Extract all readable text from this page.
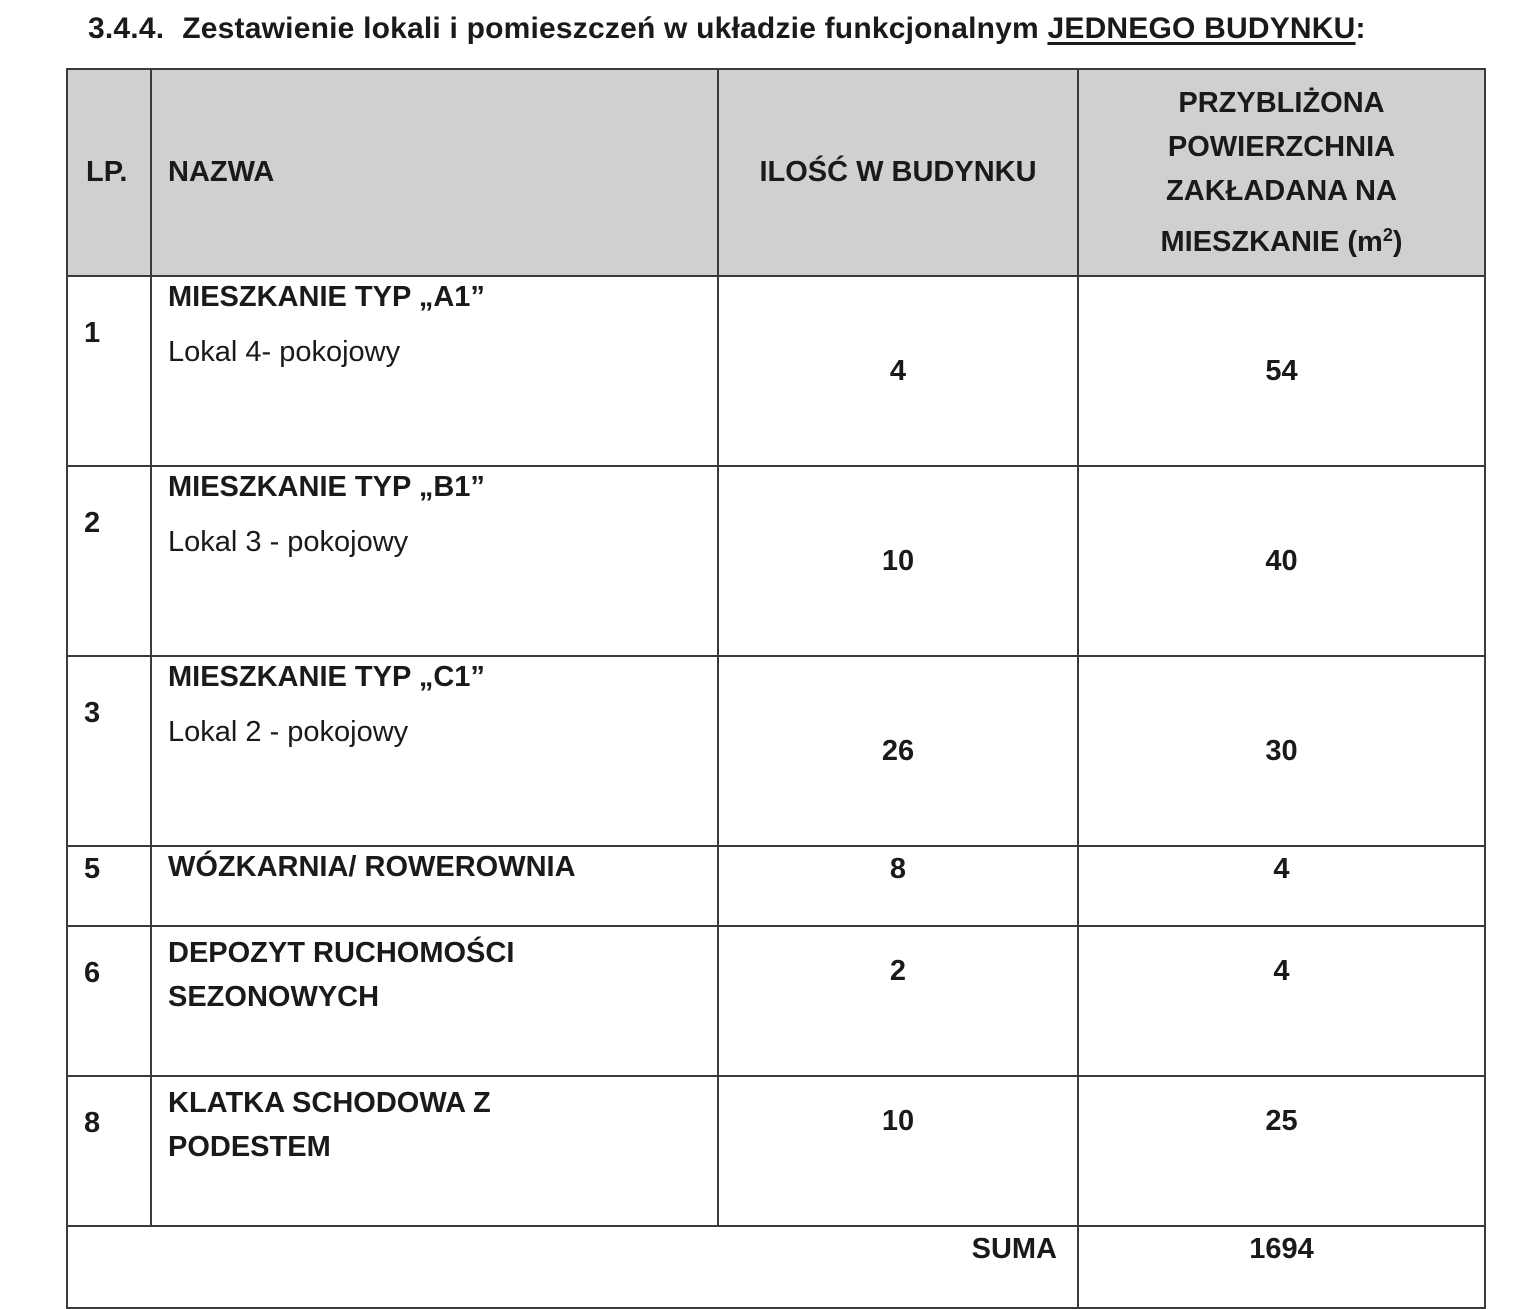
3.4.4. Zestawienie lokali i pomieszczeń w układzie funkcjonalnym JEDNEGO BUDYNKU:
LP.	NAZWA	ILOŚĆ W BUDYNKU	PRZYBLIŻONA
POWIERZCHNIA
ZAKŁADANA NA
MIESZKANIE $(m^2)$
1	MIESZKANIE TYP „A1”
Lokal 4- pokojowy	4	54
2	MIESZKANIE TYP „B1”
Lokal 3 - pokojowy	10	40
3	MIESZKANIE TYP „C1”
Lokal 2 - pokojowy	26	30
5	WÓZKARNIA/ ROWEROWNIA	8	4
6	DEPOZYT RUCHOMOŚCI
SEZONOWYCH	2	4
8	KLATKA SCHODOWA Z
PODESTEM	10	25
SUMA			1694
